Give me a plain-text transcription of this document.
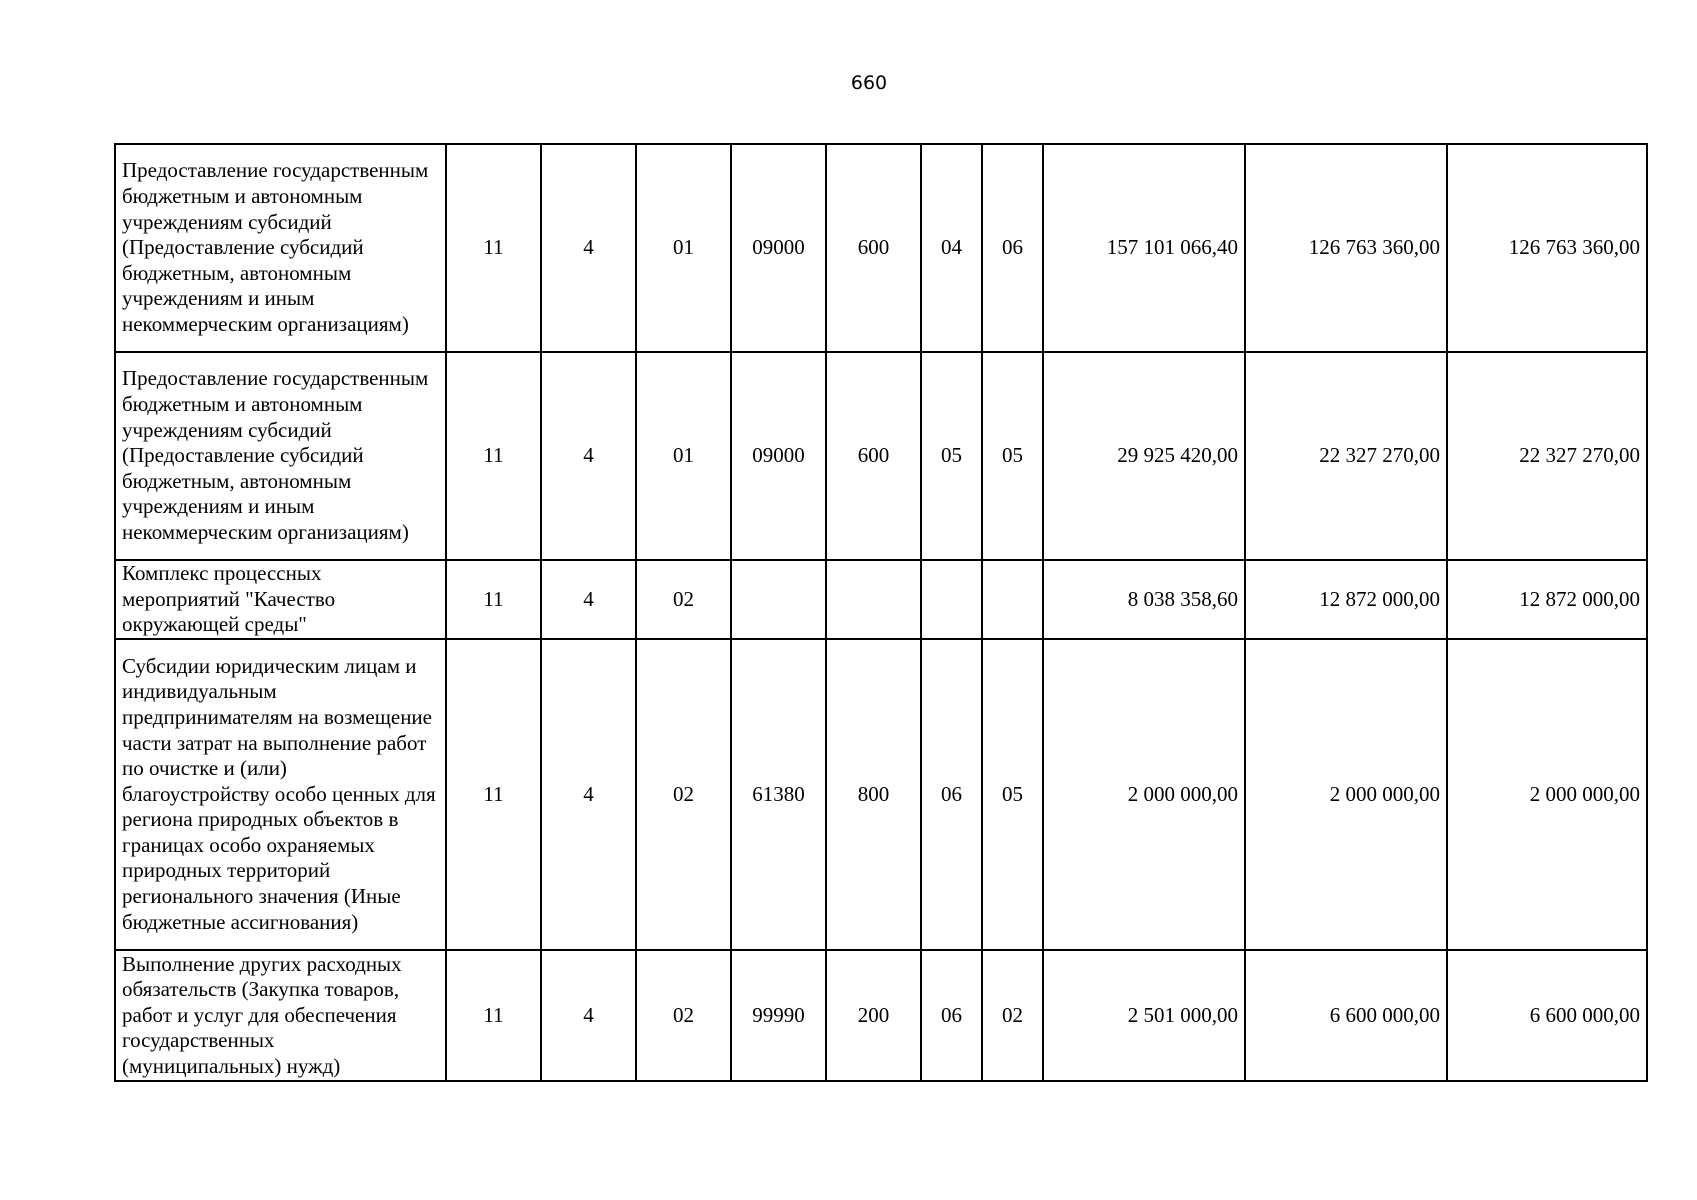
660
Предоставление государственным бюджетным и автономным учреждениям субсидий (Предоставление субсидий бюджетным, автономным учреждениям и иным некоммерческим организациям)	11	4	01	09000	600	04	06	157 101 066,40	126 763 360,00	126 763 360,00
Предоставление государственным бюджетным и автономным учреждениям субсидий (Предоставление субсидий бюджетным, автономным учреждениям и иным некоммерческим организациям)	11	4	01	09000	600	05	05	29 925 420,00	22 327 270,00	22 327 270,00
Комплекс процессных мероприятий "Качество окружающей среды"	11	4	02					8 038 358,60	12 872 000,00	12 872 000,00
Субсидии юридическим лицам и индивидуальным предпринимателям на возмещение части затрат на выполнение работ по очистке и (или) благоустройству особо ценных для региона природных объектов в границах особо охраняемых природных территорий регионального значения (Иные бюджетные ассигнования)	11	4	02	61380	800	06	05	2 000 000,00	2 000 000,00	2 000 000,00
Выполнение других расходных обязательств (Закупка товаров, работ и услуг для обеспечения государственных (муниципальных) нужд)	11	4	02	99990	200	06	02	2 501 000,00	6 600 000,00	6 600 000,00
